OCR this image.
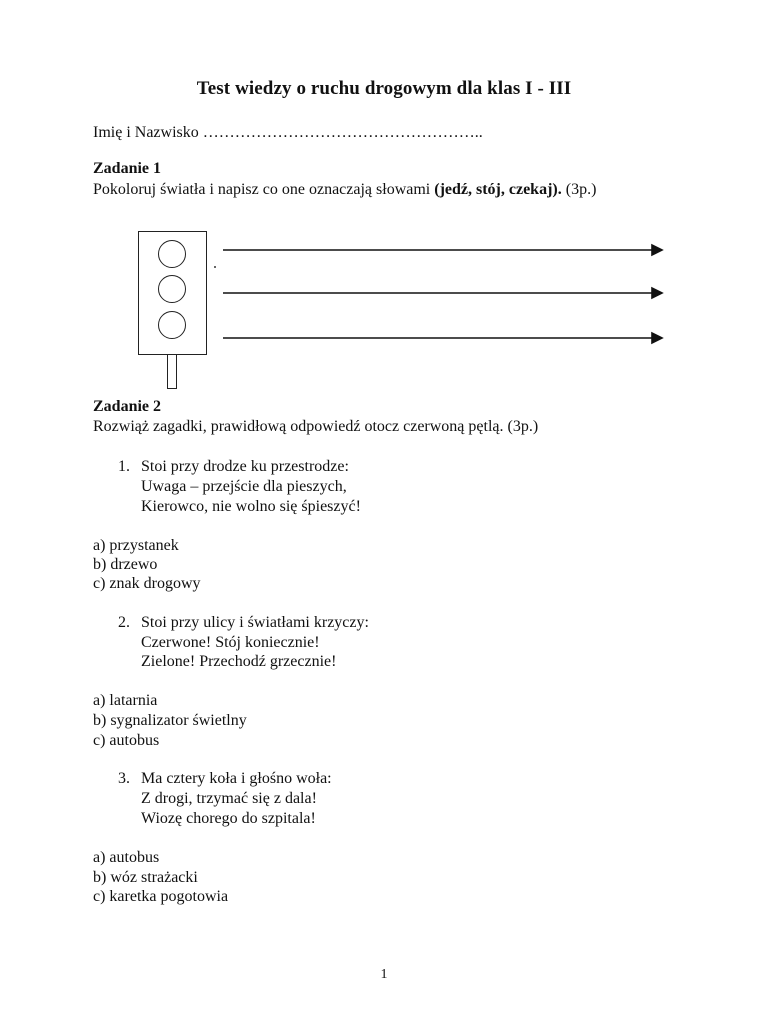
Test wiedzy o ruchu drogowym dla klas I - III
Imię i Nazwisko ……………………………………………..
Zadanie 1
Pokoloruj światła i napisz co one oznaczają słowami (jedź, stój, czekaj). (3p.)
Zadanie 2
Rozwiąż zagadki, prawidłową odpowiedź otocz czerwoną pętlą. (3p.)
1. Stoi przy drodze ku przestrodze:
Uwaga – przejście dla pieszych,
Kierowco, nie wolno się śpieszyć!
a) przystanek
b) drzewo
c) znak drogowy
2. Stoi przy ulicy i światłami krzyczy:
Czerwone! Stój koniecznie!
Zielone! Przechodź grzecznie!
a) latarnia
b) sygnalizator świetlny
c) autobus
3. Ma cztery koła i głośno woła:
Z drogi, trzymać się z dala!
Wiozę chorego do szpitala!
a) autobus
b) wóz strażacki
c) karetka pogotowia
1
